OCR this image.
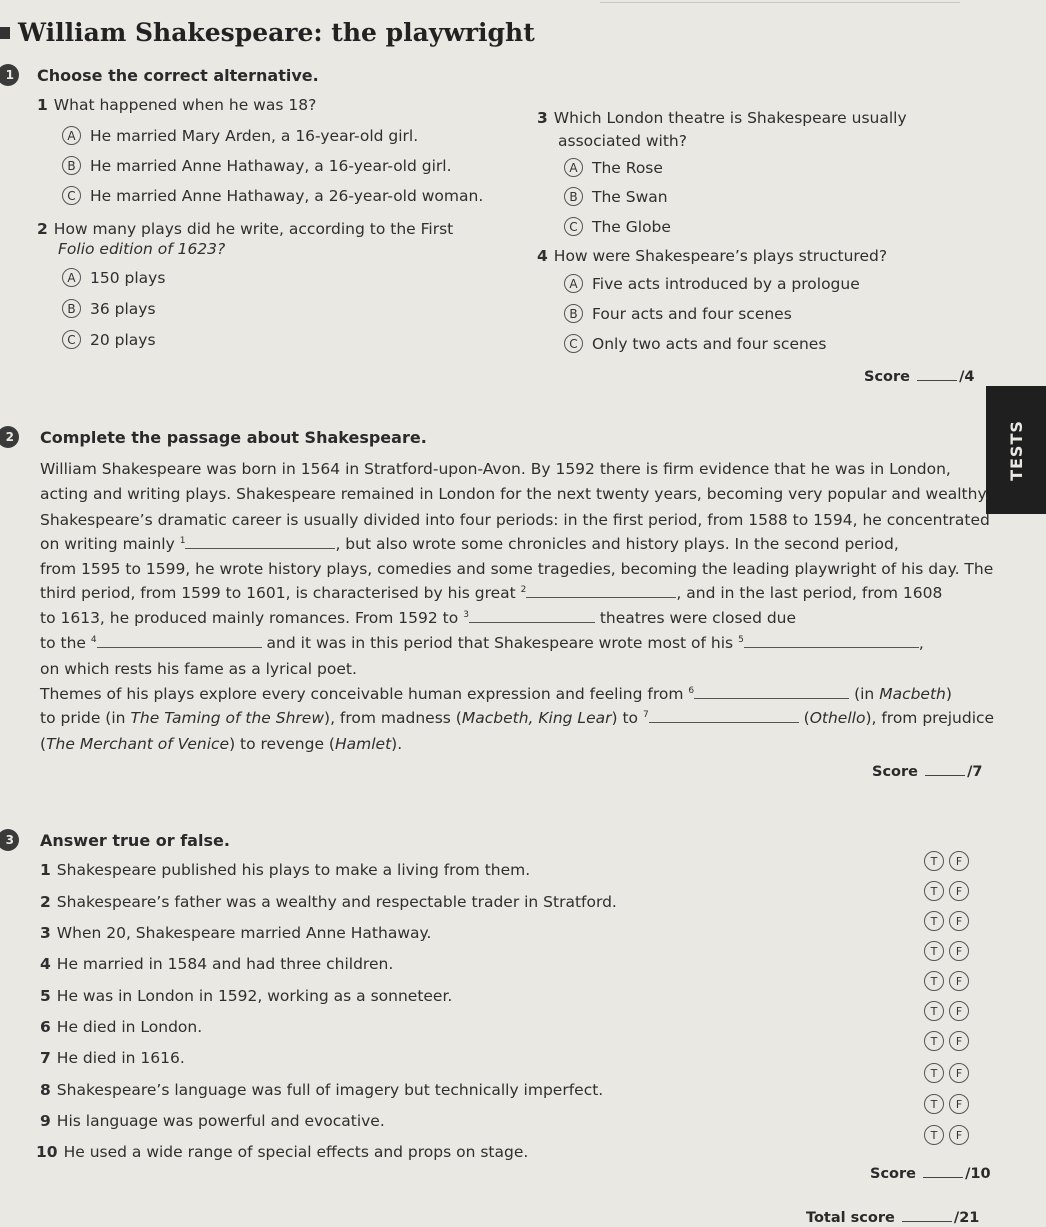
William Shakespeare: the playwright
1	Choose the correct alternative.
1 What happened when he was 18?
A He married Mary Arden, a 16-year-old girl.
B He married Anne Hathaway, a 16-year-old girl.
C He married Anne Hathaway, a 26-year-old woman.
2 How many plays did he write, according to the First
Folio edition of 1623?
A 150 plays
B 36 plays
C 20 plays
3 Which London theatre is Shakespeare usually
associated with?
A The Rose
B The Swan
C The Globe
4 How were Shakespeare’s plays structured?
A Five acts introduced by a prologue
B Four acts and four scenes
C Only two acts and four scenes
Score	/4
TESTS
2	Complete the passage about Shakespeare.
William Shakespeare was born in 1564 in Stratford-upon-Avon. By 1592 there is ﬁrm evidence that he was in London,
acting and writing plays. Shakespeare remained in London for the next twenty years, becoming very popular and wealthy.
Shakespeare’s dramatic career is usually divided into four periods: in the ﬁrst period, from 1588 to 1594, he concentrated
on writing mainly $^1$	, but also wrote some chronicles and history plays. In the second period,
from 1595 to 1599, he wrote history plays, comedies and some tragedies, becoming the leading playwright of his day. The
third period, from 1599 to 1601, is characterised by his great $^2$	, and in the last period, from 1608
to 1613, he produced mainly romances. From 1592 to $^3$	theatres were closed due
to the $^4$	and it was in this period that Shakespeare wrote most of his $^5$	,
on which rests his fame as a lyrical poet.
Themes of his plays explore every conceivable human expression and feeling from $^6$	(in Macbeth)
to pride (in The Taming of the Shrew), from madness (Macbeth, King Lear) to $^7$	(Othello), from prejudice
(The Merchant of Venice) to revenge (Hamlet).
Score	/7
3	Answer true or false.
1 Shakespeare published his plays to make a living from them.
2 Shakespeare’s father was a wealthy and respectable trader in Stratford.
3 When 20, Shakespeare married Anne Hathaway.
4 He married in 1584 and had three children.
5 He was in London in 1592, working as a sonneteer.
6 He died in London.
7 He died in 1616.
8 Shakespeare’s language was full of imagery but technically imperfect.
9 His language was powerful and evocative.
10 He used a wide range of special effects and props on stage.
T	F
T	F
T	F
T	F
T	F
T	F
T	F
T	F
T	F
T	F
Score	/10
Total score	/21
